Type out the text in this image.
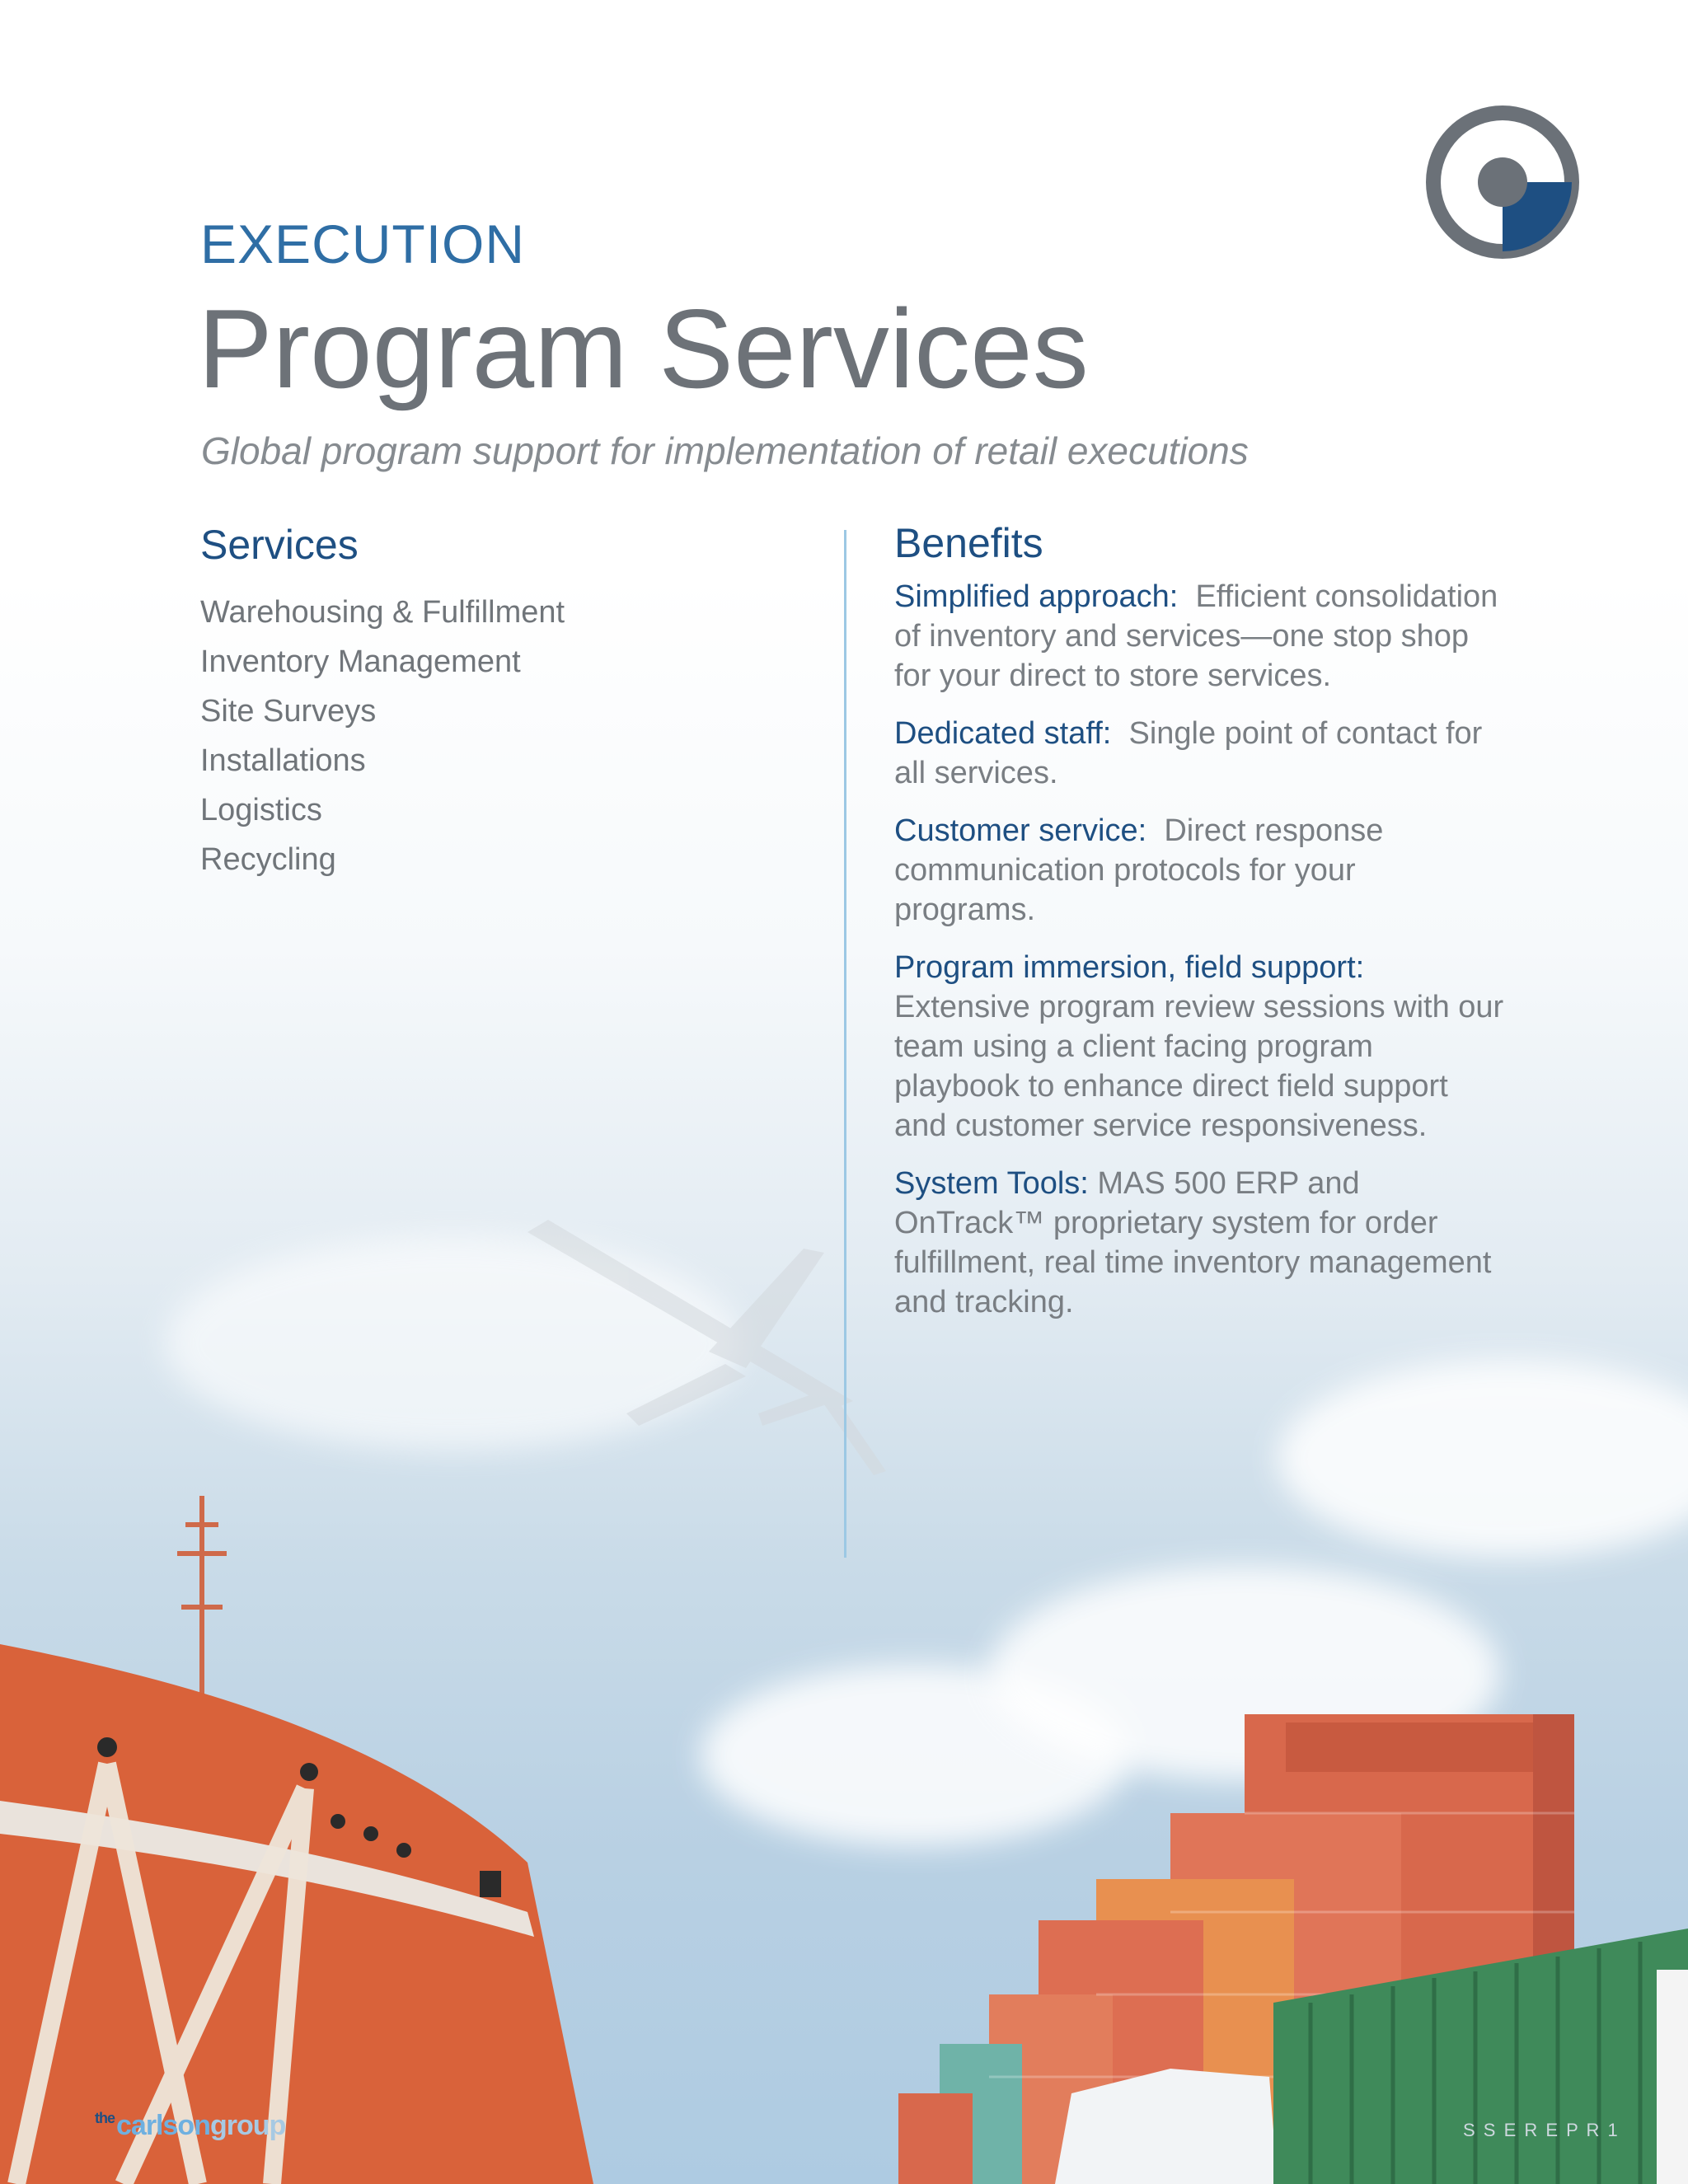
EXECUTION
Program Services
Global program support for implementation of retail executions
Services
Warehousing & Fulfillment
Inventory Management
Site Surveys
Installations
Logistics
Recycling
Benefits
Simplified approach: Efficient consolidation of inventory and services—one stop shop for your direct to store services.
Dedicated staff: Single point of contact for all services.
Customer service: Direct response communication protocols for your programs.
Program immersion, field support:
Extensive program review sessions with our team using a client facing program playbook to enhance direct field support and customer service responsiveness.
System Tools: MAS 500 ERP and OnTrack™ proprietary system for order fulfillment, real time inventory management and tracking.
$^{the}$carlsongroup	S S E R E P R 1
